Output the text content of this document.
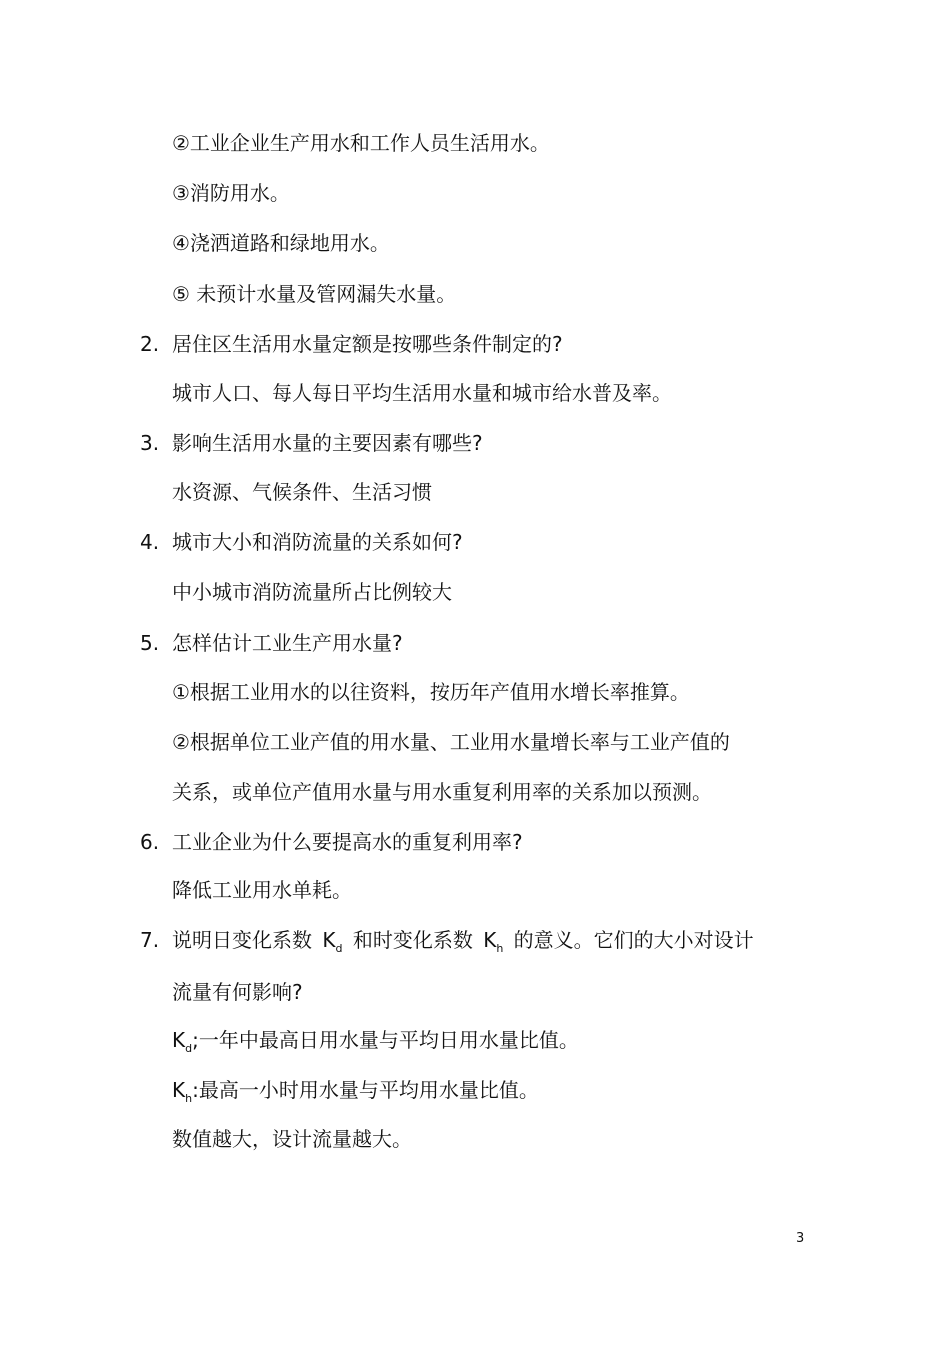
②工业企业生产用水和工作人员生活用水。
③消防用水。
④浇洒道路和绿地用水。
⑤ 未预计水量及管网漏失水量。
2. 居住区生活用水量定额是按哪些条件制定的?
城市人口、每人每日平均生活用水量和城市给水普及率。
3. 影响生活用水量的主要因素有哪些?
水资源、气候条件、生活习惯
4. 城市大小和消防流量的关系如何?
中小城市消防流量所占比例较大
5. 怎样估计工业生产用水量?
①根据工业用水的以往资料，按历年产值用水增长率推算。
②根据单位工业产值的用水量、工业用水量增长率与工业产值的
关系，或单位产值用水量与用水重复利用率的关系加以预测。
6. 工业企业为什么要提高水的重复利用率?
降低工业用水单耗。
7. 说明日变化系数 $K_d$ 和时变化系数 $K_h$ 的意义。它们的大小对设计
流量有何影响?
$K_d$;一年中最高日用水量与平均日用水量比值。
$K_h$:最高一小时用水量与平均用水量比值。
数值越大，设计流量越大。
3
